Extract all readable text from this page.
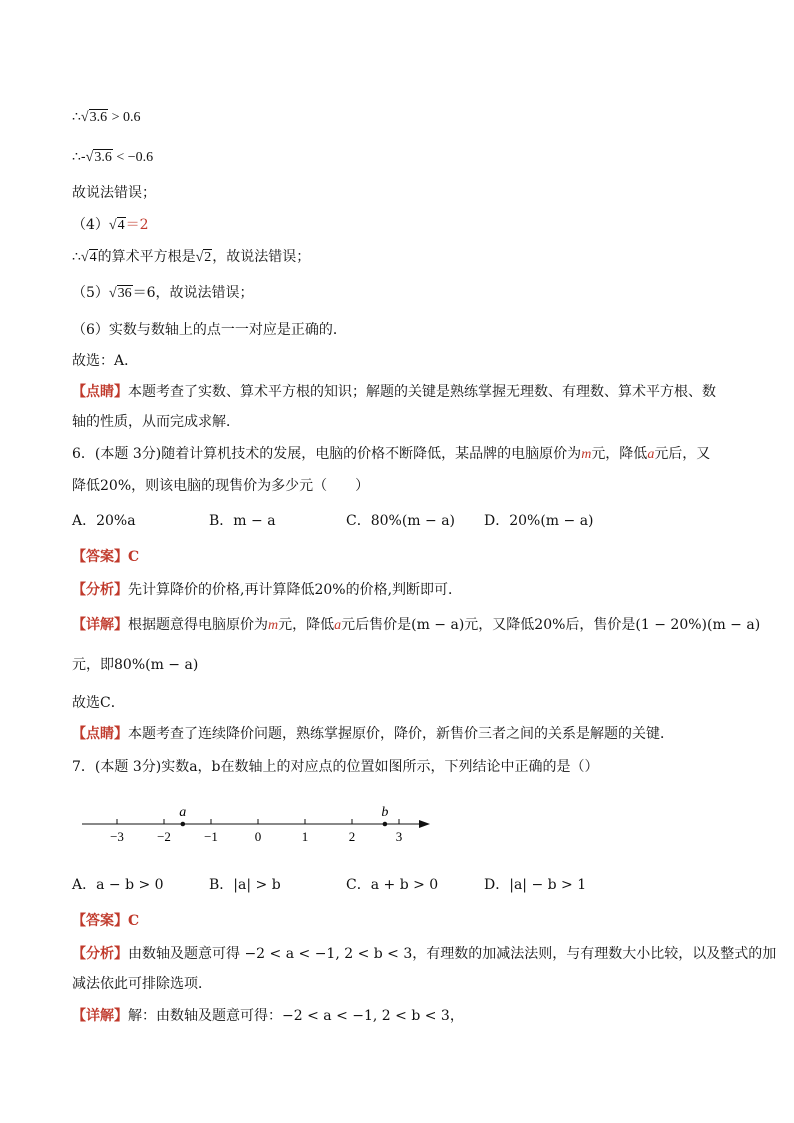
∴√3.6 > 0.6
∴-√3.6 < −0.6
故说法错误；
（4）√4＝2
∴√4的算术平方根是√2，故说法错误；
（5）√36＝6，故说法错误；
（6）实数与数轴上的点一一对应是正确的．
故选：A．
【点睛】本题考查了实数、算术平方根的知识；解题的关键是熟练掌握无理数、有理数、算术平方根、数
轴的性质，从而完成求解．
6．(本题 3分)随着计算机技术的发展，电脑的价格不断降低，某品牌的电脑原价为m元，降低a元后，又
降低20%，则该电脑的现售价为多少元（　　）
A．20%a	B．m − a	C．80%(m − a) D．20%(m − a)
【答案】C
【分析】先计算降价的价格,再计算降低20%的价格,判断即可．
【详解】根据题意得电脑原价为m元，降低a元后售价是(m − a)元，又降低20%后，售价是(1 − 20%)(m − a)
元，即80%(m − a)
故选C．
【点睛】本题考查了连续降价问题，熟练掌握原价，降价，新售价三者之间的关系是解题的关键．
7．(本题 3分)实数a，b在数轴上的对应点的位置如图所示，下列结论中正确的是（）
−3	−2	−1	0	1	2	3
a	b
A．a − b > 0	B．|a| > b	C．a + b > 0	D．|a| − b > 1
【答案】C
【分析】由数轴及题意可得 −2 < a < −1, 2 < b < 3，有理数的加减法法则，与有理数大小比较，以及整式的加
减法依此可排除选项．
【详解】解：由数轴及题意可得：−2 < a < −1, 2 < b < 3，
